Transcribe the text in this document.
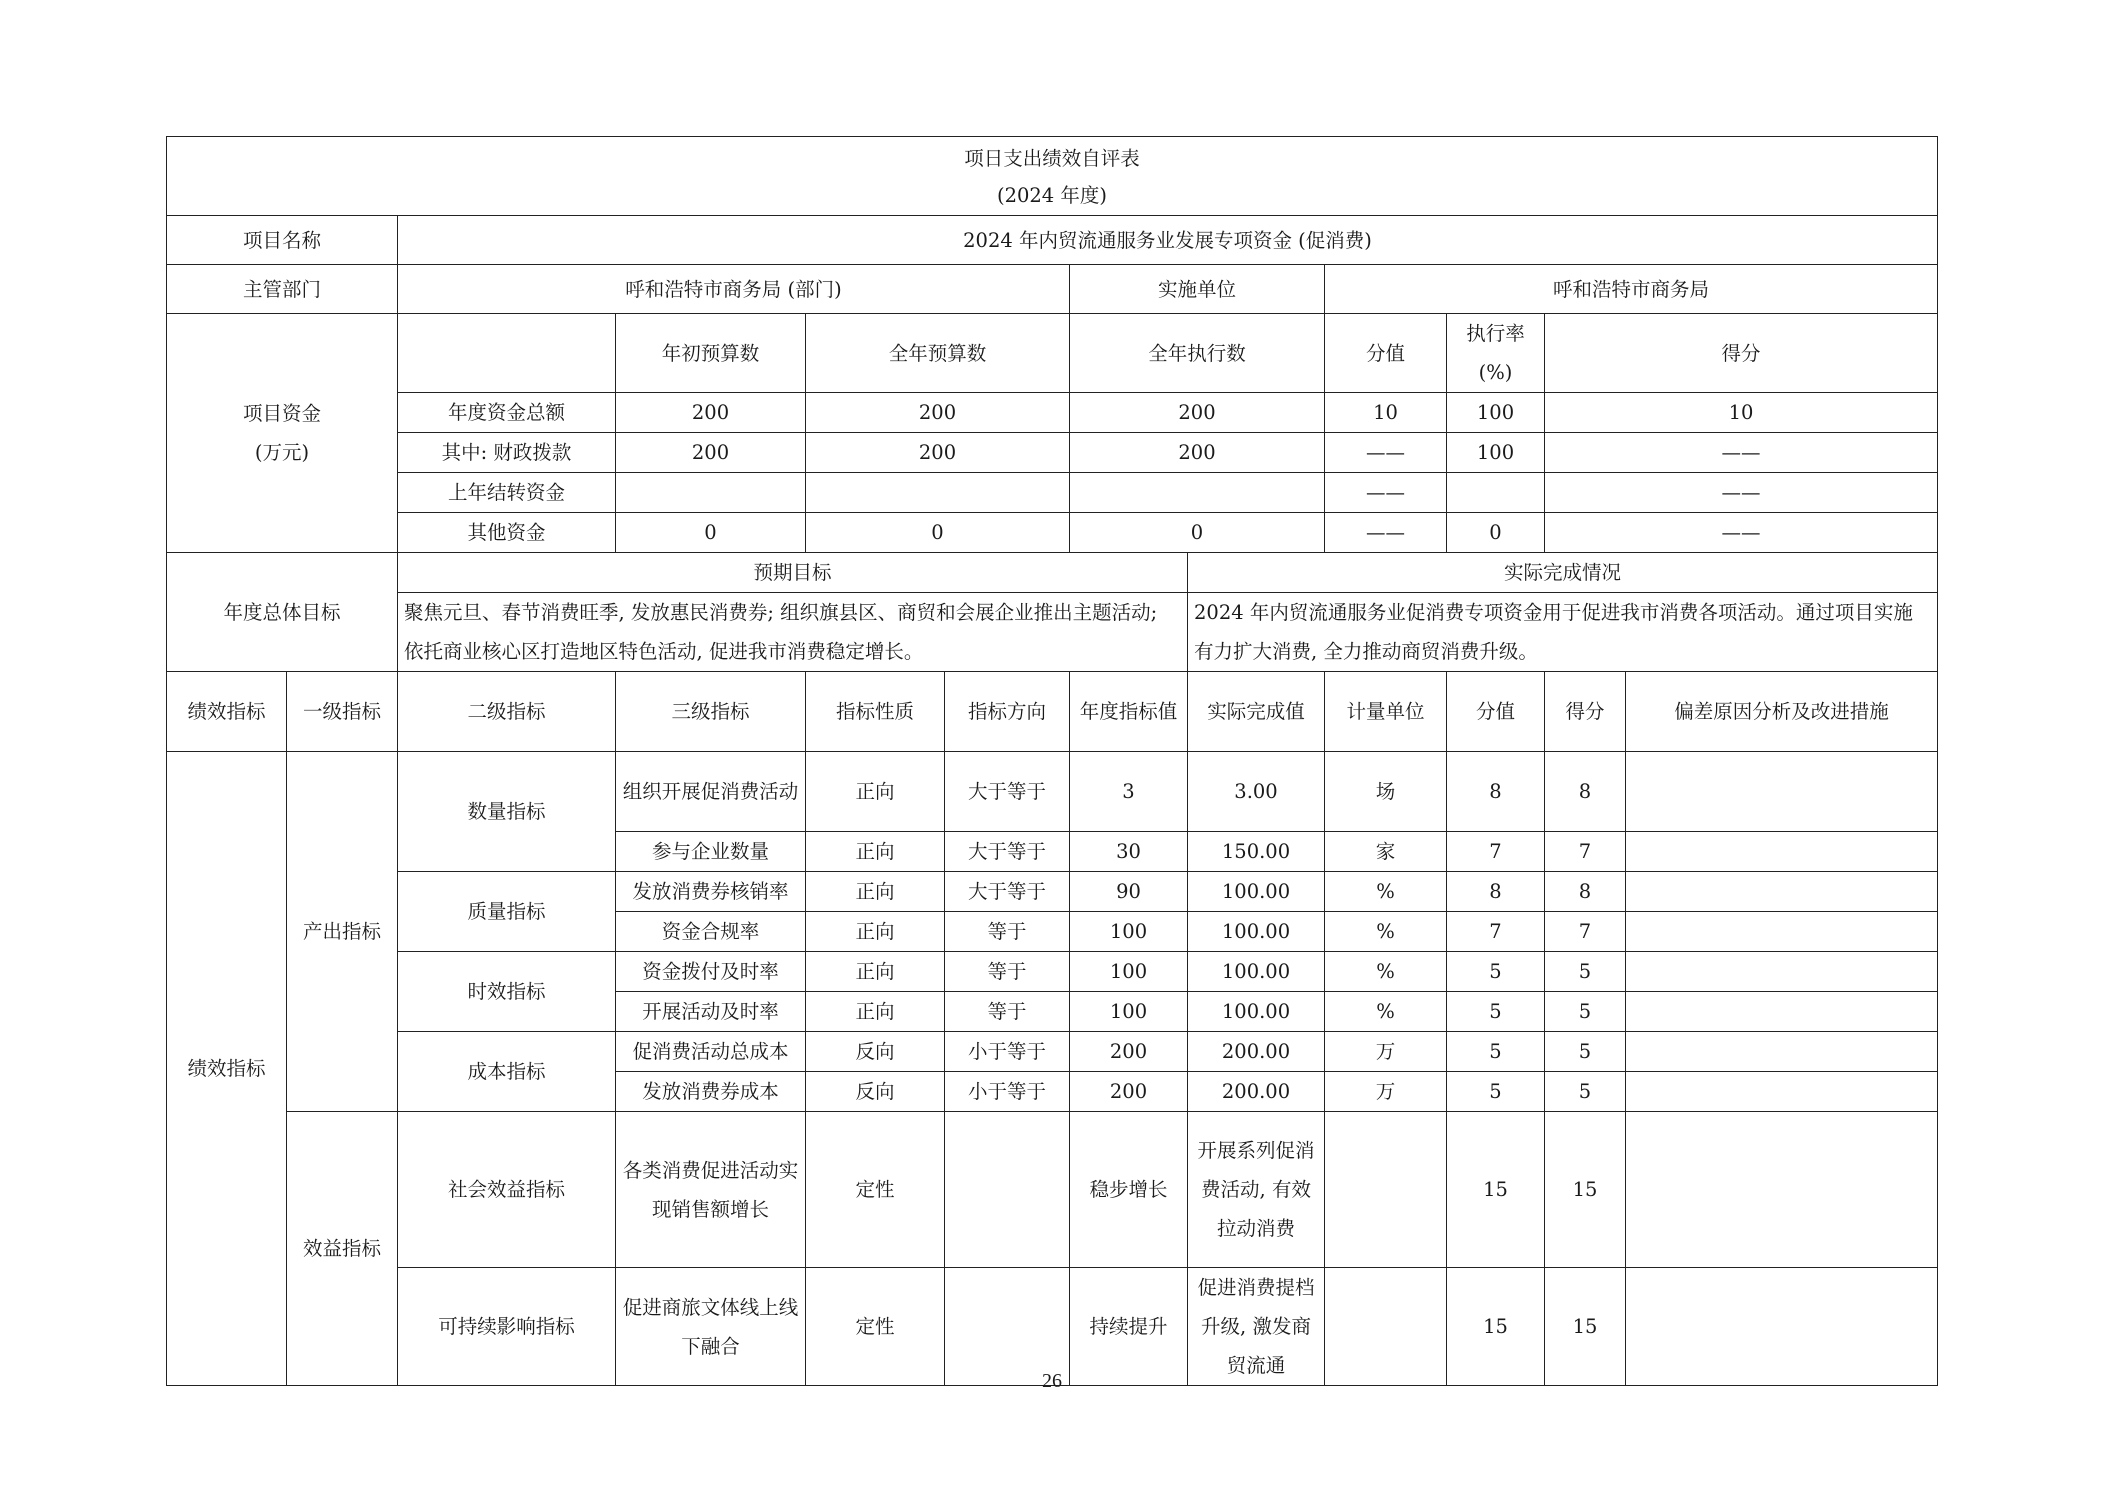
项日支出绩效自评表
(2024 年度)											

项目名称		2024 年内贸流通服务业发展专项资金 (促消费)									
主管部门		呼和浩特市商务局 (部门)				实施单位		呼和浩特市商务局			

项目资金
(万元)			年初预算数	全年预算数		全年执行数		分值	执行率 (%)	得分	
		年度资金总额	200	200		200		10	100	10	
		其中: 财政拨款	200	200		200		——	100	——	
		上年结转资金						——		——	
		其他资金	0	0		0		——	0	——	
年度总体目标		预期目标					实际完成情况				
		聚焦元旦、春节消费旺季, 发放惠民消费券; 组织旗县区、商贸和会展企业推出主题活动; 依托商业核心区打造地区特色活动, 促进我市消费稳定增长。					2024 年内贸流通服务业促消费专项资金用于促进我市消费各项活动。通过项目实施有力扩大消费, 全力推动商贸消费升级。				
绩效指标	一级指标	二级指标	三级指标	指标性质	指标方向	年度指标值	实际完成值	计量单位	分值	得分	偏差原因分析及改进措施
绩效指标	产出指标	数量指标	组织开展促消费活动	正向	大于等于	3	3.00	场	8	8	
			参与企业数量	正向	大于等于	30	150.00	家	7	7	
		质量指标	发放消费券核销率	正向	大于等于	90	100.00	%	8	8	
			资金合规率	正向	等于	100	100.00	%	7	7	
		时效指标	资金拨付及时率	正向	等于	100	100.00	%	5	5	
			开展活动及时率	正向	等于	100	100.00	%	5	5	
		成本指标	促消费活动总成本	反向	小于等于	200	200.00	万	5	5	
			发放消费券成本	反向	小于等于	200	200.00	万	5	5	
	效益指标	社会效益指标	各类消费促进活动实现销售额增长	定性		稳步增长	开展系列促消费活动, 有效拉动消费		15	15	
		可持续影响指标	促进商旅文体线上线下融合	定性		持续提升	促进消费提档升级, 激发商贸流通		15	15	
26
